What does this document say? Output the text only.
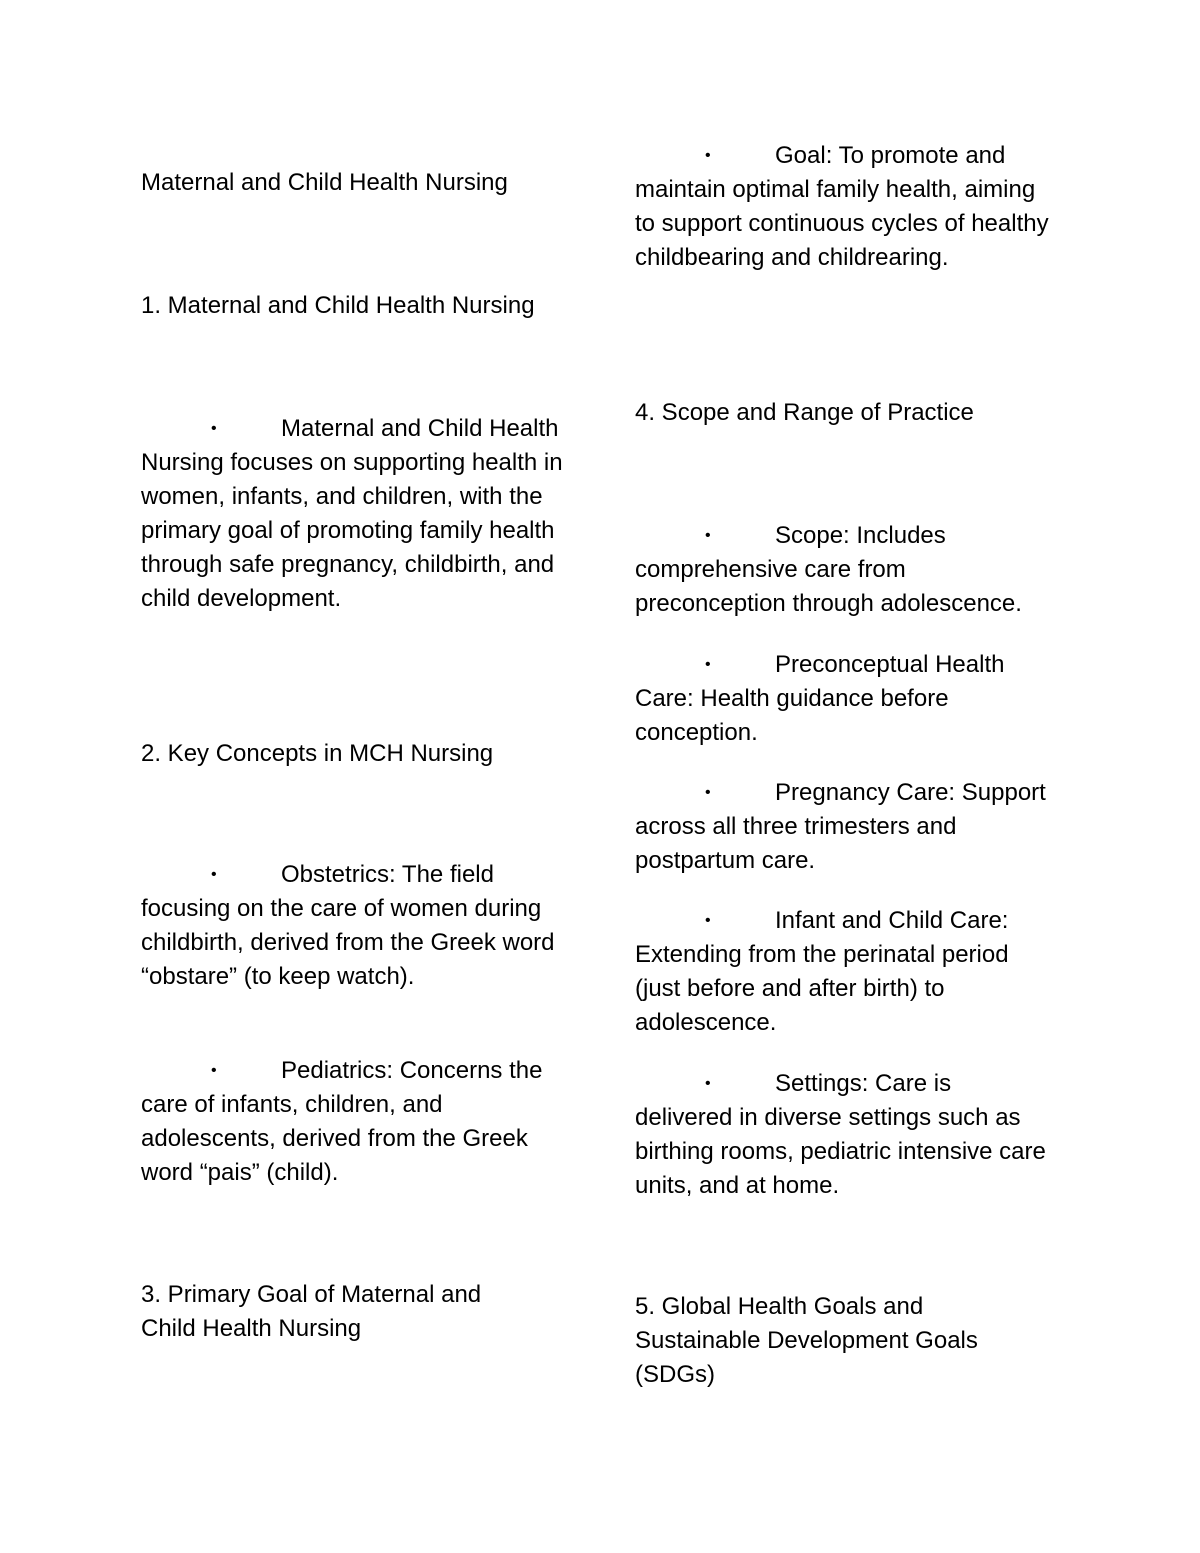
Maternal and Child Health Nursing
1. Maternal and Child Health Nursing

•	Maternal and Child Health Nursing focuses on supporting health in women, infants, and children, with the primary goal of promoting family health through safe pregnancy, childbirth, and child development.

2. Key Concepts in MCH Nursing

•	Obstetrics: The field focusing on the care of women during childbirth, derived from the Greek word “obstare” (to keep watch).

•	Pediatrics: Concerns the care of infants, children, and adolescents, derived from the Greek word “pais” (child).

3. Primary Goal of Maternal and
Child Health Nursing

•	Goal: To promote and maintain optimal family health, aiming to support continuous cycles of healthy childbearing and childrearing.

4. Scope and Range of Practice

•	Scope: Includes comprehensive care from preconception through adolescence.

•	Preconceptual Health Care: Health guidance before conception.

•	Pregnancy Care: Support across all three trimesters and postpartum care.

•	Infant and Child Care: Extending from the perinatal period (just before and after birth) to adolescence.

•	Settings: Care is delivered in diverse settings such as birthing rooms, pediatric intensive care units, and at home.

5. Global Health Goals and
Sustainable Development Goals
(SDGs)
